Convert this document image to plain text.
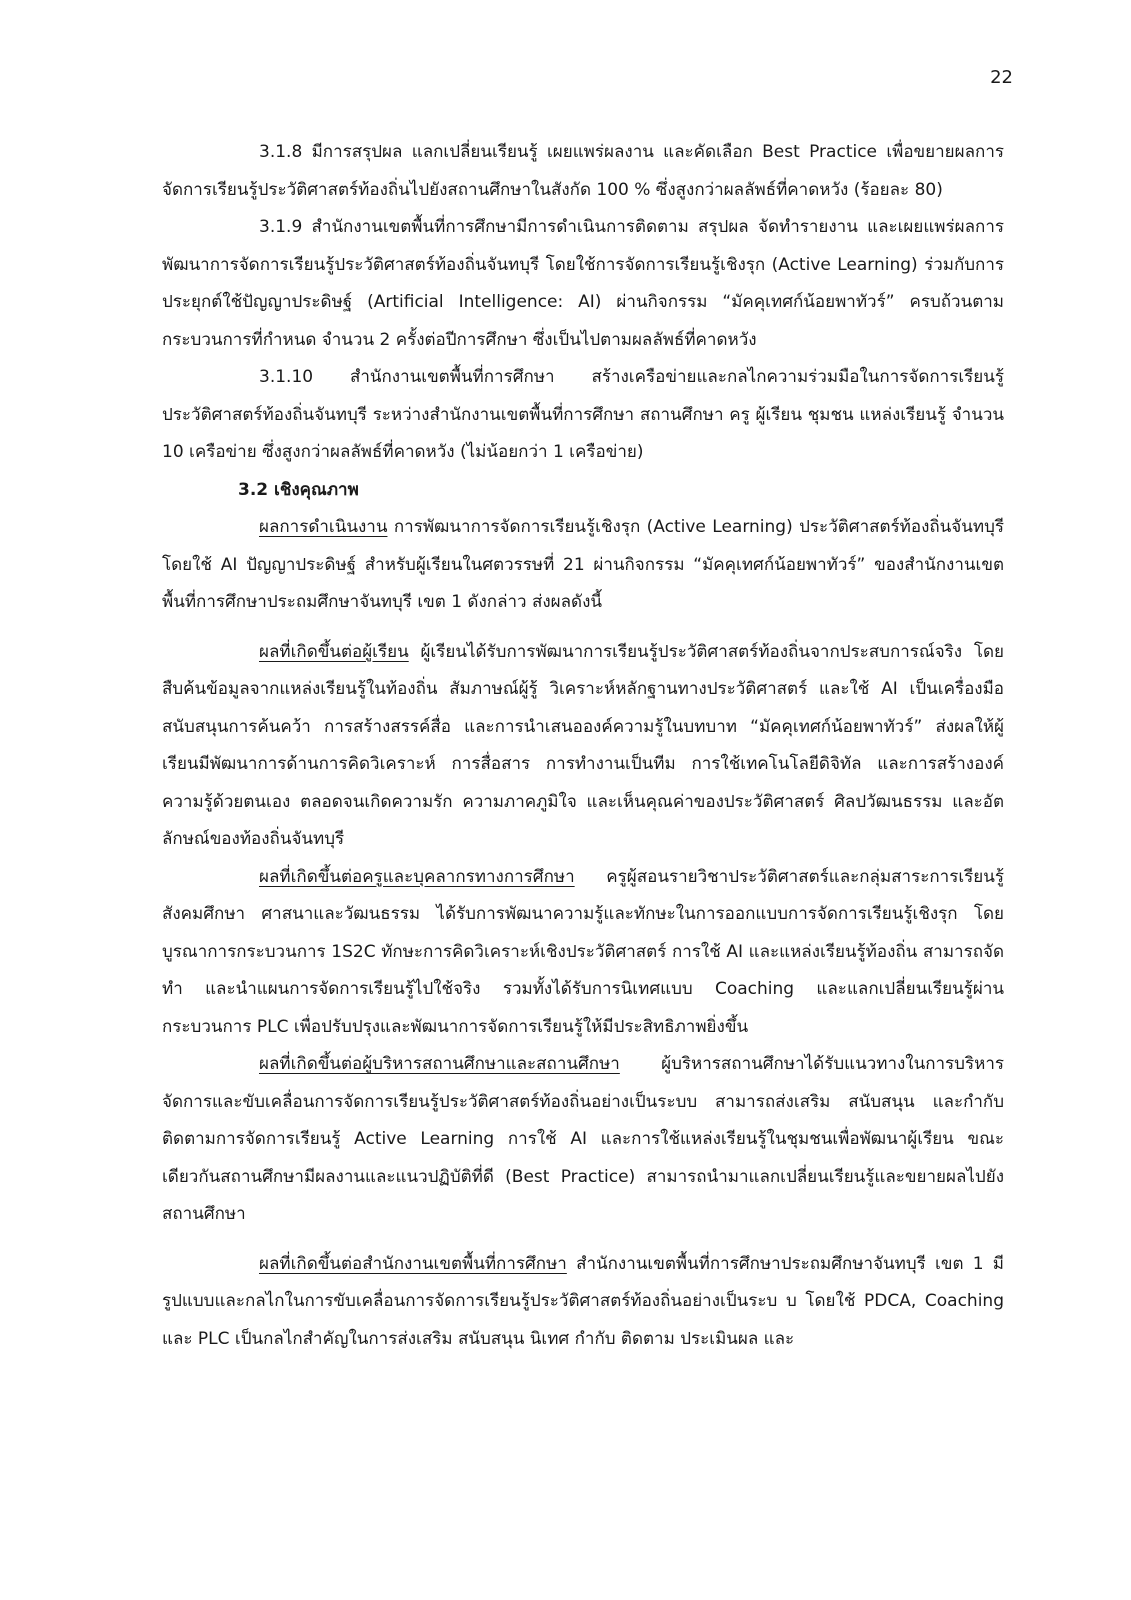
22

3.1.8 มีการสรุปผล แลกเปลี่ยนเรียนรู้ เผยแพร่ผลงาน และคัดเลือก Best Practice เพื่อขยายผลการจัดการเรียนรู้ประวัติศาสตร์ท้องถิ่นไปยังสถานศึกษาในสังกัด 100 % ซึ่งสูงกว่าผลลัพธ์ที่คาดหวัง (ร้อยละ 80)

3.1.9 สำนักงานเขตพื้นที่การศึกษามีการดำเนินการติดตาม สรุปผล จัดทำรายงาน และเผยแพร่ผลการพัฒนาการจัดการเรียนรู้ประวัติศาสตร์ท้องถิ่นจันทบุรี โดยใช้การจัดการเรียนรู้เชิงรุก (Active Learning) ร่วมกับการประยุกต์ใช้ปัญญาประดิษฐ์ (Artificial Intelligence: AI) ผ่านกิจกรรม “มัคคุเทศก์น้อยพาทัวร์” ครบถ้วนตามกระบวนการที่กำหนด จำนวน 2 ครั้งต่อปีการศึกษา ซึ่งเป็นไปตามผลลัพธ์ที่คาดหวัง

3.1.10 สำนักงานเขตพื้นที่การศึกษา สร้างเครือข่ายและกลไกความร่วมมือในการจัดการเรียนรู้ประวัติศาสตร์ท้องถิ่นจันทบุรี ระหว่างสำนักงานเขตพื้นที่การศึกษา สถานศึกษา ครู ผู้เรียน ชุมชน แหล่งเรียนรู้ จำนวน 10 เครือข่าย ซึ่งสูงกว่าผลลัพธ์ที่คาดหวัง (ไม่น้อยกว่า 1 เครือข่าย)

3.2 เชิงคุณภาพ

ผลการดำเนินงาน การพัฒนาการจัดการเรียนรู้เชิงรุก (Active Learning) ประวัติศาสตร์ท้องถิ่นจันทบุรี โดยใช้ AI ปัญญาประดิษฐ์ สำหรับผู้เรียนในศตวรรษที่ 21 ผ่านกิจกรรม “มัคคุเทศก์น้อยพาทัวร์” ของสำนักงานเขตพื้นที่การศึกษาประถมศึกษาจันทบุรี เขต 1 ดังกล่าว ส่งผลดังนี้

ผลที่เกิดขึ้นต่อผู้เรียน ผู้เรียนได้รับการพัฒนาการเรียนรู้ประวัติศาสตร์ท้องถิ่นจากประสบการณ์จริง โดยสืบค้นข้อมูลจากแหล่งเรียนรู้ในท้องถิ่น สัมภาษณ์ผู้รู้ วิเคราะห์หลักฐานทางประวัติศาสตร์ และใช้ AI เป็นเครื่องมือสนับสนุนการค้นคว้า การสร้างสรรค์สื่อ และการนำเสนอองค์ความรู้ในบทบาท “มัคคุเทศก์น้อยพาทัวร์” ส่งผลให้ผู้เรียนมีพัฒนาการด้านการคิดวิเคราะห์ การสื่อสาร การทำงานเป็นทีม การใช้เทคโนโลยีดิจิทัล และการสร้างองค์ความรู้ด้วยตนเอง ตลอดจนเกิดความรัก ความภาคภูมิใจ และเห็นคุณค่าของประวัติศาสตร์ ศิลปวัฒนธรรม และอัตลักษณ์ของท้องถิ่นจันทบุรี

ผลที่เกิดขึ้นต่อครูและบุคลากรทางการศึกษา ครูผู้สอนรายวิชาประวัติศาสตร์และกลุ่มสาระการเรียนรู้สังคมศึกษา ศาสนาและวัฒนธรรม ได้รับการพัฒนาความรู้และทักษะในการออกแบบการจัดการเรียนรู้เชิงรุก โดยบูรณาการกระบวนการ 1S2C ทักษะการคิดวิเคราะห์เชิงประวัติศาสตร์ การใช้ AI และแหล่งเรียนรู้ท้องถิ่น สามารถจัดทำ และนำแผนการจัดการเรียนรู้ไปใช้จริง รวมทั้งได้รับการนิเทศแบบ Coaching และแลกเปลี่ยนเรียนรู้ผ่านกระบวนการ PLC เพื่อปรับปรุงและพัฒนาการจัดการเรียนรู้ให้มีประสิทธิภาพยิ่งขึ้น

ผลที่เกิดขึ้นต่อผู้บริหารสถานศึกษาและสถานศึกษา ผู้บริหารสถานศึกษาได้รับแนวทางในการบริหารจัดการและขับเคลื่อนการจัดการเรียนรู้ประวัติศาสตร์ท้องถิ่นอย่างเป็นระบบ สามารถส่งเสริม สนับสนุน และกำกับติดตามการจัดการเรียนรู้ Active Learning การใช้ AI และการใช้แหล่งเรียนรู้ในชุมชนเพื่อพัฒนาผู้เรียน ขณะเดียวกันสถานศึกษามีผลงานและแนวปฏิบัติที่ดี (Best Practice) สามารถนำมาแลกเปลี่ยนเรียนรู้และขยายผลไปยังสถานศึกษา

ผลที่เกิดขึ้นต่อสำนักงานเขตพื้นที่การศึกษา สำนักงานเขตพื้นที่การศึกษาประถมศึกษาจันทบุรี เขต 1 มีรูปแบบและกลไกในการขับเคลื่อนการจัดการเรียนรู้ประวัติศาสตร์ท้องถิ่นอย่างเป็นระบ บ โดยใช้ PDCA, Coaching และ PLC เป็นกลไกสำคัญในการส่งเสริม สนับสนุน นิเทศ กำกับ ติดตาม ประเมินผล และ
